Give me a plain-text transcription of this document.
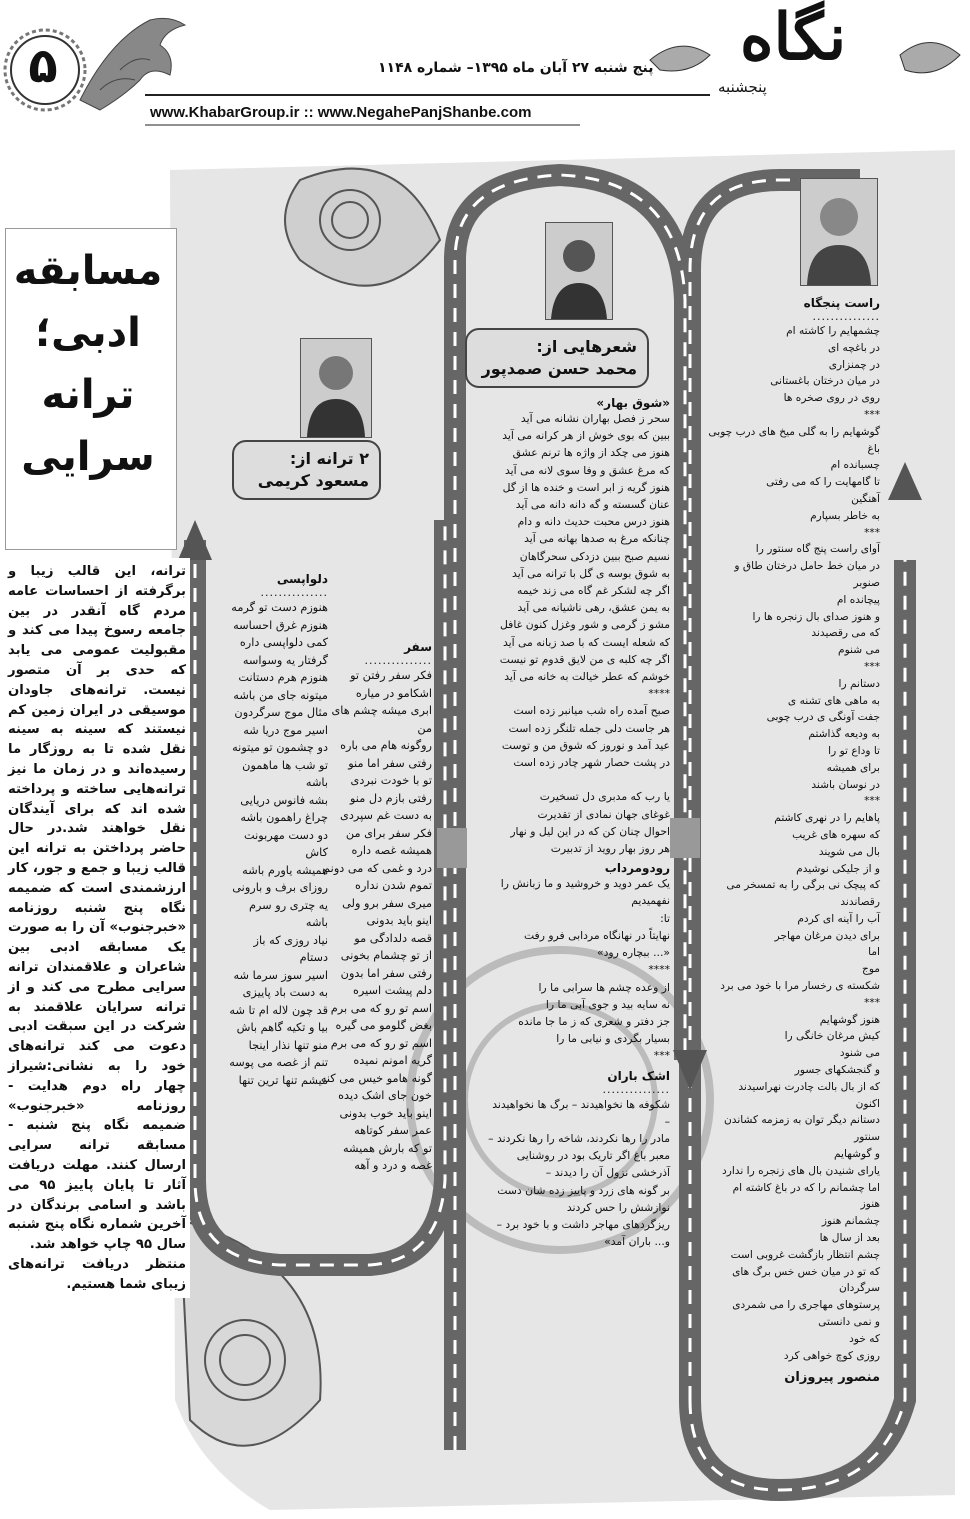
۵
www.KhabarGroup.ir :: www.NegahePanjShanbe.com
پنج شنبه ۲۷ آبان ماه ۱۳۹۵– شماره ۱۱۴۸ نگاه
پنجشنبه
مسابقه
ادبی؛
ترانه
سرایی

ترانه، این قالب زیبا و برگرفته از احساسات عامه مردم گاه آنقدر در بین جامعه رسوخ پیدا می کند و مقبولیت عمومی می یابد که حدی بر آن متصور نیست. ترانه‌های جاودان موسیقی در ایران زمین کم نیستند که سینه به سینه نقل شده تا به روزگار ما رسیده‌اند و در زمان ما نیز ترانه‌هایی ساخته و پرداخته شده اند که برای آیندگان نقل خواهند شد.در حال حاضر پرداختن به ترانه این قالب زیبا و جمع و جور، کار ارزشمندی است که ضمیمه نگاه پنج شنبه روزنامه «خبرجنوب» آن را به صورت یک مسابقه ادبی بین شاعران و علاقمندان ترانه سرایی مطرح می کند و از ترانه سرایان علاقمند به شرکت در این سبقت ادبی دعوت می کند ترانه‌های خود را به نشانی:شیراز چهار راه دوم هدایت - روزنامه «خبرجنوب» ضمیمه نگاه پنج شنبه - مسابقه ترانه سرایی ارسال کنند. مهلت دریافت آثار تا پایان پاییز ۹۵ می باشد و اسامی برندگان در آخرین شماره نگاه پنج شنبه سال ۹۵ چاپ خواهد شد.

منتظر دریافت ترانه‌های زیبای شما هستیم.

۲ ترانه از:
مسعود کریمی
دلواپسی
...............
هنوزم دست تو گرمه
هنوزم غرق احساسه
کمی دلواپسی داره
گرفتار یه وسواسه
هنوزم هرم دستانت
میتونه جای من باشه
مثال موج سرگردون
اسیر موج دریا شه
دو چشمون تو میتونه
تو شب ها ماهمون باشه
بشه فانوس دریایی
چراغ راهمون باشه
دو دست مهربونت کاش
همیشه یاورم باشه
روزای برف و بارونی
یه چتری رو سرم باشه
نیاد روزی که باز دستام
اسیر سوز سرما شه
به دست باد پاییزی
قد چون لاله ام تا شه
بیا و تکیه گاهم باش
منو تنها نذار اینجا
تنم از غصه می پوسه
میشم تنها ترین تنها
سفر
...............
فکر سفر رفتن تو
اشکامو در میاره
ابری میشه چشم های من
روگونه هام می باره
رفتی سفر اما منو
تو با خودت نبردی
رفتی بازم دل منو
به دست غم سپردی
فکر سفر برای من
همیشه غصه داره
درد و غمی که می دونم
تموم شدن نداره
میری سفر برو ولی
اینو باید بدونی
قصه دلدادگی مو
از تو چشمام بخونی
رفتی سفر اما بدون
دلم پیشت اسیره
اسم تو رو که می برم
بغض گلومو می گیره
اسم تو رو که می برم
گریه امونم نمیده
گونه هامو خیس می کنه
خون جای اشک دیده
اینو باید خوب بدونی
عمر سفر کوتاهه
تو که بارش همیشه
غصه و درد و آهه
شعرهایی از:
محمد حسن صمدپور
«شوق بهار»
سحر ز فصل بهاران نشانه می آید
ببین که بوی خوش از هر کرانه می آید
هنوز می چکد از واژه ها ترنم عشق
که مرغ عشق و وفا سوی لانه می آید
هنوز گریه ز ابر است و خنده ها از گل
عنان گسسته و گه دانه دانه می آید
هنوز درس محبت حدیث دانه و دام
چنانکه مرغ به صدها بهانه می آید
نسیم صبح ببین دزدکی سحرگاهان
به شوق بوسه ی گل با ترانه می آید
اگر چه لشکر غم گاه می زند خیمه
به یمن عشق، رهی ناشیانه می آید
مشو ز گرمی و شور وغزل کنون غافل
که شعله ایست که با صد زبانه می آید
اگر چه کلبه ی من لایق قدوم تو نیست
خوشم که عطر خیالت به خانه می آید
****
صبح آمده راه شب میانبر زده است
هر جاست دلی جمله تلنگر زده است
عید آمد و نوروز که شوق من و توست
در پشت حصار شهر چادر زده است

یا رب که مدبری دل تسخیرت
غوغای جهان نمادی از تقدیرت
احوال چنان کن که در این لیل و نهار
هر روز بهار روید از تدبیرت
رودومرداب
یک عمر دوید و خروشید و ما زبانش را نفهمیدیم
تا:
نهایتاً در نهانگاه مردابی فرو رفت
«... ببچاره رود»
****
از وعده چشم ها سرابی ما را
نه سایه بید و جوی آبی ما را
جز دفتر و شعری که ز ما جا مانده
بسیار بگردی و نیابی ما را
***
اشک باران
...............
شکوفه ها نخواهیدند – برگ ها نخواهیدند
–
مادر را رها نکردند، شاخه را رها نکردند –
معبر باغ اگر تاریک بود در روشنایی
آذرخشی نزول آن را دیدند –
بر گونه های زرد و پاییز زده شان دست
نوازشش را حس کردند
ریزگردهای مهاجر داشت و با خود برد –
و... باران آمد»
راست پنجگاه
...............
چشمهایم را کاشته ام
در باغچه ای
در چمنزاری
در میان درختان باغستانی
روی در روی صخره ها
***
گوشهایم را به گلی میخ های درب چوبی باغ
چسبانده ام
تا گامهایت را که می رفتی
آهنگین
به خاطر بسپارم
***
آوای راست پنج گاه سنتور را
در میان خط حامل درختان طاق و صنوبر
پیچانده ام
و هنوز صدای بال زنجره ها را
که می رقصیدند
می شنوم
***
دستانم را
به ماهی های تشنه ی
جفت آونگی ی درب چوبی
به ودیعه گذاشتم
تا وداع تو را
برای همیشه
در نوسان باشند
***
پاهایم را در نهری کاشتم
که سهره های غریب
بال می شویند
و از جلیکی نوشیدم
که پیچک نی برگی را به تمسخر می رقصاندند
آب را آینه ای کردم
برای دیدن مرغان مهاجر
اما
موج
شکسته ی رخسار مرا با خود می برد
***
هنوز گوشهایم
کیش مرغان خانگی را
می شنود
و گنجشکهای جسور
که از بال بالت چادرت نهراسیدند
اکنون
دستانم دیگر توان به زمزمه کشاندن سنتور
و گوشهایم
یارای شنیدن بال های زنجره را ندارد
اما چشمانم را که در باغ کاشته ام
هنوز
چشمانم هنوز
بعد از سال ها
چشم انتظار بازگشت غروبی است
که تو در میان خس خس برگ های سرگردان
پرستوهای مهاجری را می شمردی
و نمی دانستی
که خود
روزی کوچ خواهی کرد
منصور پیروزان
